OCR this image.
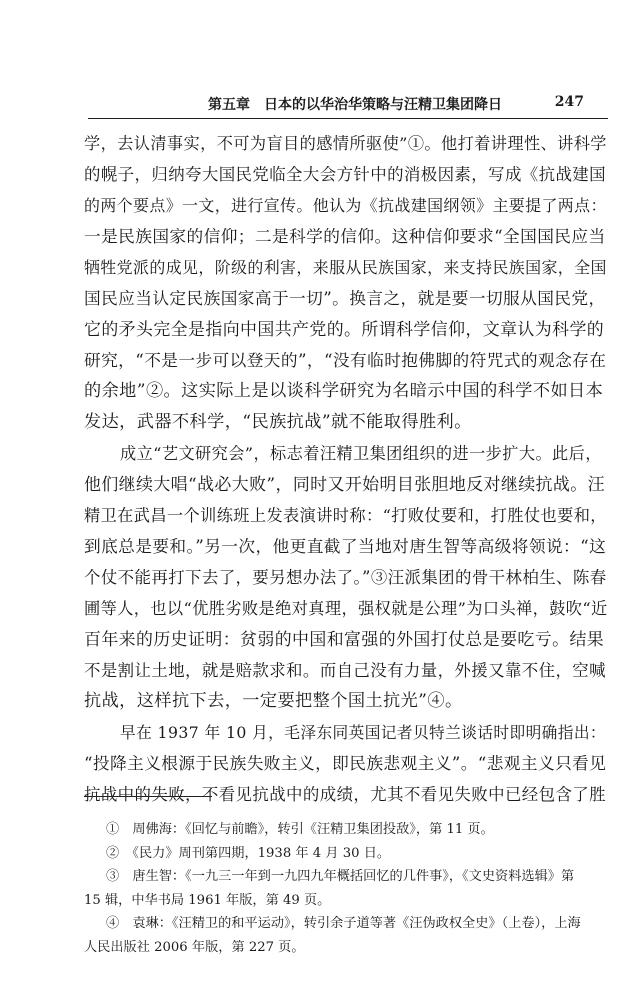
第五章　日本的以华治华策略与汪精卫集团降日	247
学，去认清事实，不可为盲目的感情所驱使”①。他打着讲理性、讲科学
的幌子，归纳夸大国民党临全大会方针中的消极因素，写成《抗战建国
的两个要点》一文，进行宣传。他认为《抗战建国纲领》主要提了两点：
一是民族国家的信仰；二是科学的信仰。这种信仰要求“全国国民应当
牺牲党派的成见，阶级的利害，来服从民族国家，来支持民族国家，全国
国民应当认定民族国家高于一切”。换言之，就是要一切服从国民党，
它的矛头完全是指向中国共产党的。所谓科学信仰，文章认为科学的
研究，“不是一步可以登天的”，“没有临时抱佛脚的符咒式的观念存在
的余地”②。这实际上是以谈科学研究为名暗示中国的科学不如日本
发达，武器不科学，“民族抗战”就不能取得胜利。
成立“艺文研究会”，标志着汪精卫集团组织的进一步扩大。此后，
他们继续大唱“战必大败”，同时又开始明目张胆地反对继续抗战。汪
精卫在武昌一个训练班上发表演讲时称：“打败仗要和，打胜仗也要和，
到底总是要和。”另一次，他更直截了当地对唐生智等高级将领说：“这
个仗不能再打下去了，要另想办法了。”③汪派集团的骨干林柏生、陈春
圃等人，也以“优胜劣败是绝对真理，强权就是公理”为口头禅，鼓吹“近
百年来的历史证明：贫弱的中国和富强的外国打仗总是要吃亏。结果
不是割让土地，就是赔款求和。而自己没有力量，外援又靠不住，空喊
抗战，这样抗下去，一定要把整个国土抗光”④。
早在 1937 年 10 月，毛泽东同英国记者贝特兰谈话时即明确指出：
“投降主义根源于民族失败主义，即民族悲观主义”。“悲观主义只看见
抗战中的失败，不看见抗战中的成绩，尤其不看见失败中已经包含了胜
①　周佛海：《回忆与前瞻》，转引《汪精卫集团投敌》，第 11 页。
②　《民力》周刊第四期，1938 年 4 月 30 日。
③　唐生智：《一九三一年到一九四九年概括回忆的几件事》，《文史资料选辑》第
15 辑，中华书局 1961 年版，第 49 页。
④　袁琳：《汪精卫的和平运动》，转引余子道等著《汪伪政权全史》（上卷），上海
人民出版社 2006 年版，第 227 页。
